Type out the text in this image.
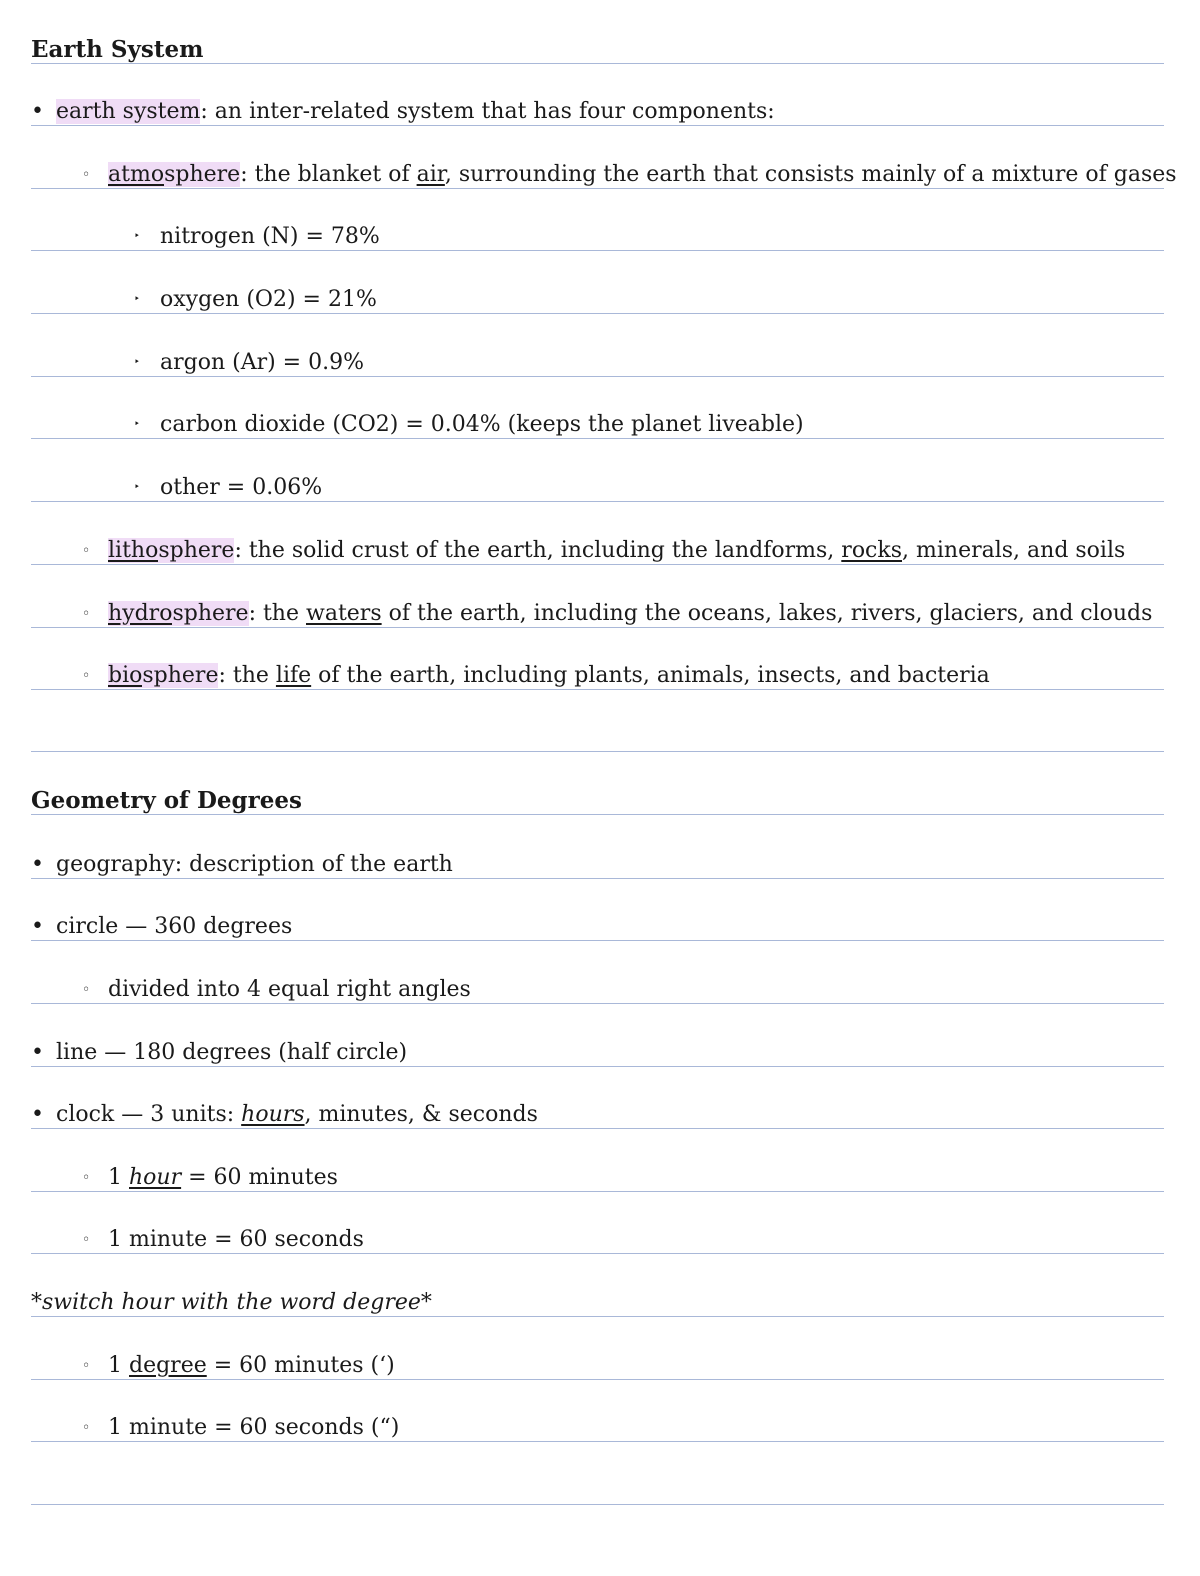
Earth System
• earth system: an inter-related system that has four components:
◦ atmosphere: the blanket of air, surrounding the earth that consists mainly of a mixture of gases
‣ nitrogen (N) = 78%
‣ oxygen (O2) = 21%
‣ argon (Ar) = 0.9%
‣ carbon dioxide (CO2) = 0.04% (keeps the planet liveable)
‣ other = 0.06%
◦ lithosphere: the solid crust of the earth, including the landforms, rocks, minerals, and soils
◦ hydrosphere: the waters of the earth, including the oceans, lakes, rivers, glaciers, and clouds
◦ biosphere: the life of the earth, including plants, animals, insects, and bacteria
Geometry of Degrees
• geography: description of the earth
• circle — 360 degrees
◦ divided into 4 equal right angles
• line — 180 degrees (half circle)
• clock — 3 units: hours, minutes, & seconds
◦ 1 hour = 60 minutes
◦ 1 minute = 60 seconds
*switch hour with the word degree*
◦ 1 degree = 60 minutes (‘)
◦ 1 minute = 60 seconds (“)
